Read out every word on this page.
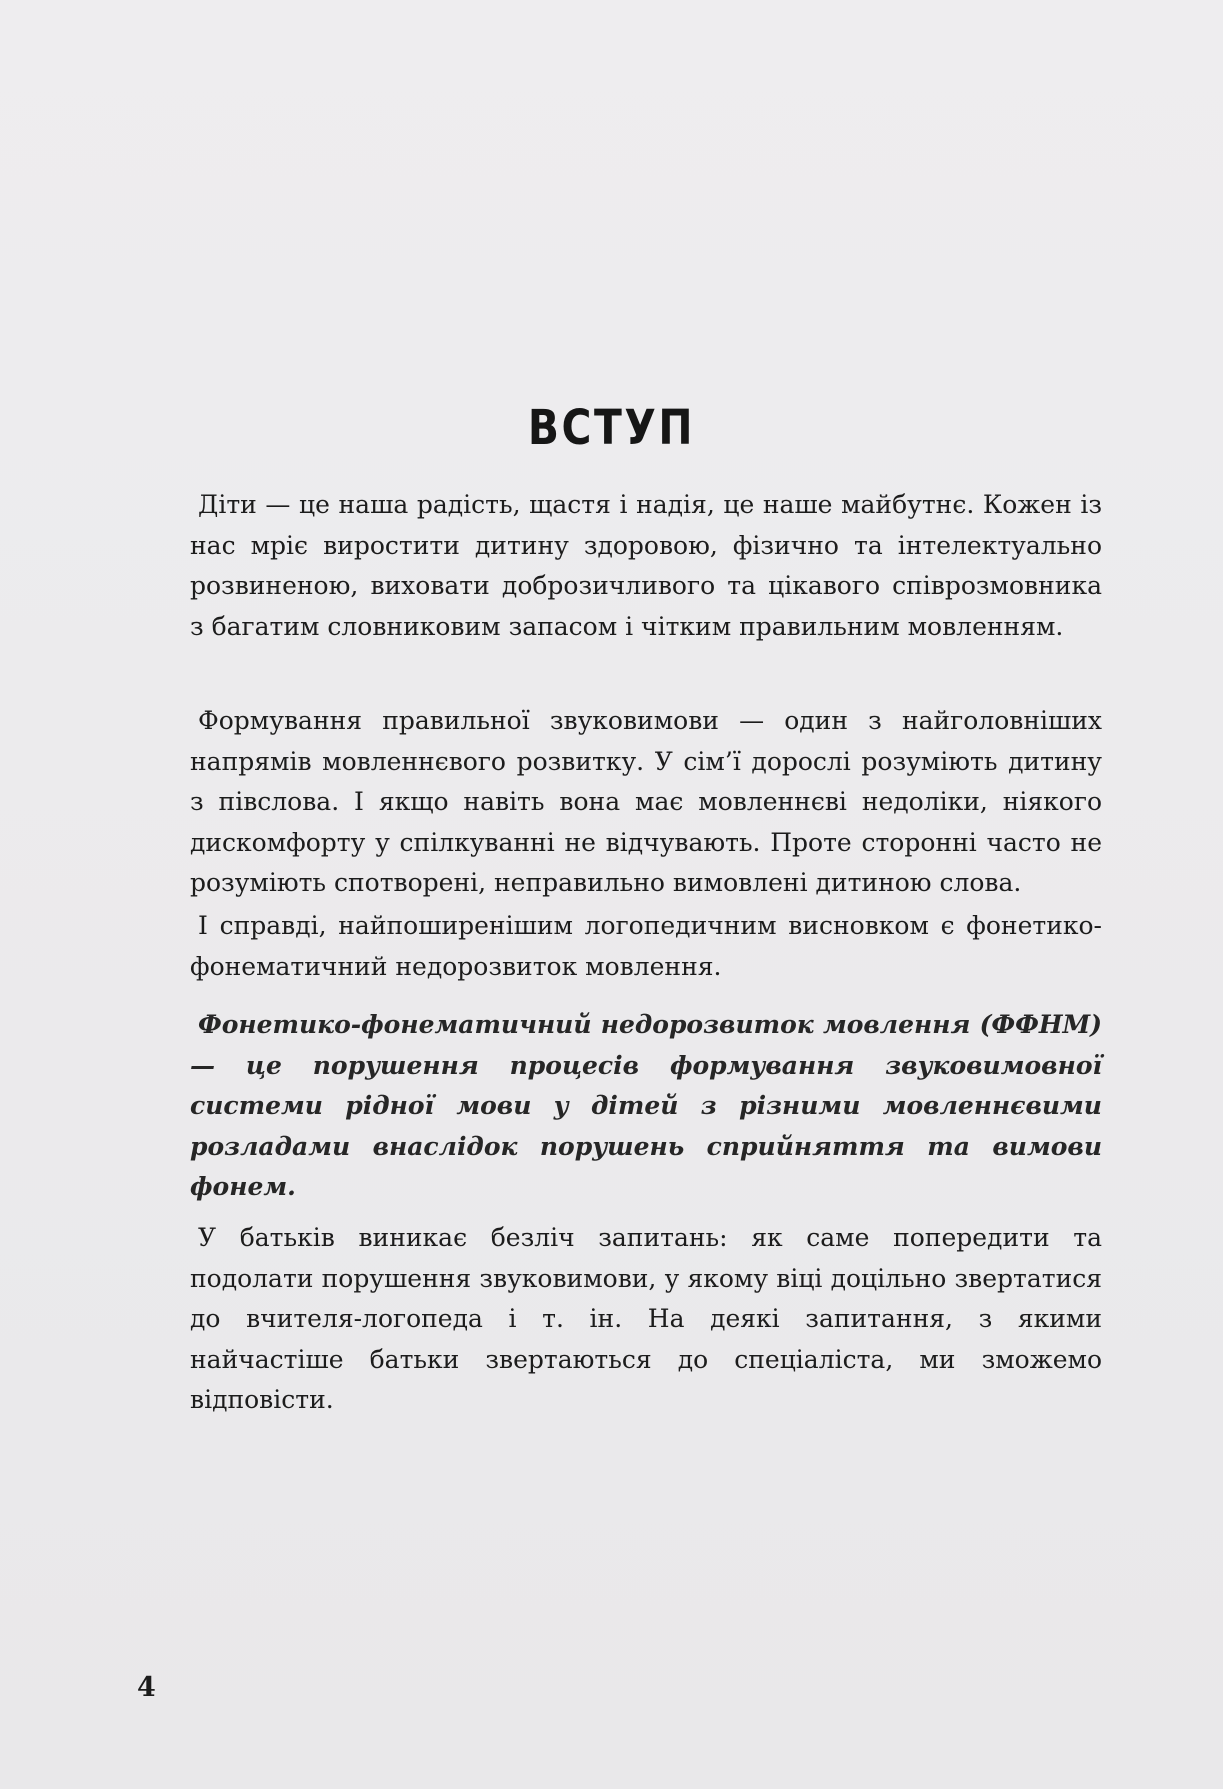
ВСТУП

Діти — це наша радість, щастя і надія, це наше майбутнє. Кожен із нас мріє виростити дитину здоровою, фізично та інтелектуально розвиненою, виховати доброзичливого та цікавого співрозмовника з багатим словниковим запасом і чітким правильним мовленням.

Формування правильної звуковимови — один з найголовніших напрямів мовленнєвого розвитку. У сім’ї дорослі розуміють дитину з півслова. І якщо навіть вона має мовленнєві недоліки, ніякого дискомфорту у спілкуванні не відчувають. Проте сторонні часто не розуміють спотворені, неправильно вимовлені дитиною слова.

І справді, найпоширенішим логопедичним висновком є фонетико-фонематичний недорозвиток мовлення.

Фонетико-фонематичний недорозвиток мовлення (ФФНМ) — це порушення процесів формування звуковимовної системи рідної мови у дітей з різними мовленнєвими розладами внаслідок порушень сприйняття та вимови фонем.

У батьків виникає безліч запитань: як саме попередити та подолати порушення звуковимови, у якому віці доцільно звертатися до вчителя-логопеда і т. ін. На деякі запитання, з якими найчастіше батьки звертаються до спеціаліста, ми зможемо відповісти.

4
